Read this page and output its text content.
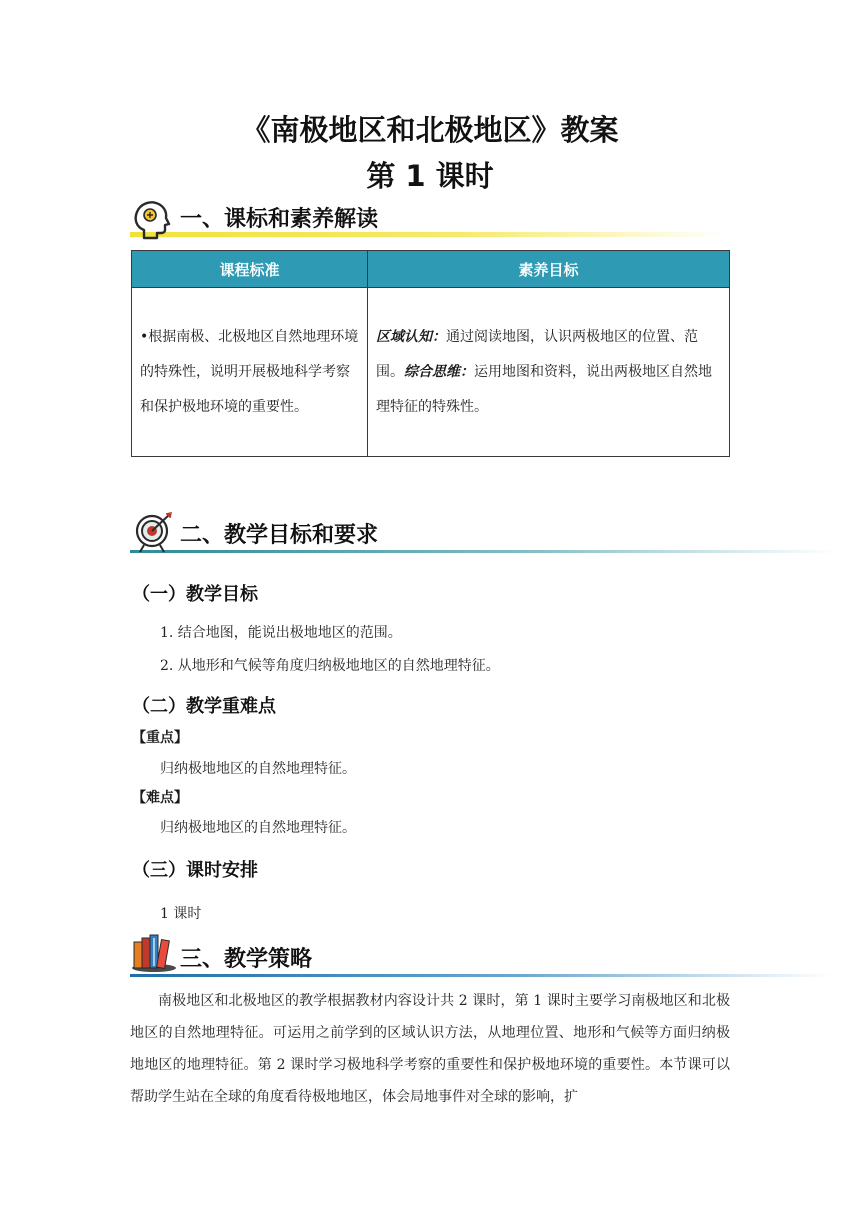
《南极地区和北极地区》教案
第 1 课时
一、课标和素养解读
课程标准	素养目标
•根据南极、北极地区自然地理环境的特殊性，说明开展极地科学考察和保护极地环境的重要性。	区域认知：通过阅读地图，认识两极地区的位置、范围。综合思维：运用地图和资料，说出两极地区自然地理特征的特殊性。
二、教学目标和要求
（一）教学目标
1. 结合地图，能说出极地地区的范围。
2. 从地形和气候等角度归纳极地地区的自然地理特征。
（二）教学重难点
【重点】
归纳极地地区的自然地理特征。
【难点】
归纳极地地区的自然地理特征。
（三）课时安排
1 课时
三、教学策略
南极地区和北极地区的教学根据教材内容设计共 2 课时，第 1 课时主要学习南极地区和北极地区的自然地理特征。可运用之前学到的区域认识方法，从地理位置、地形和气候等方面归纳极地地区的地理特征。第 2 课时学习极地科学考察的重要性和保护极地环境的重要性。本节课可以帮助学生站在全球的角度看待极地地区，体会局地事件对全球的影响，扩
